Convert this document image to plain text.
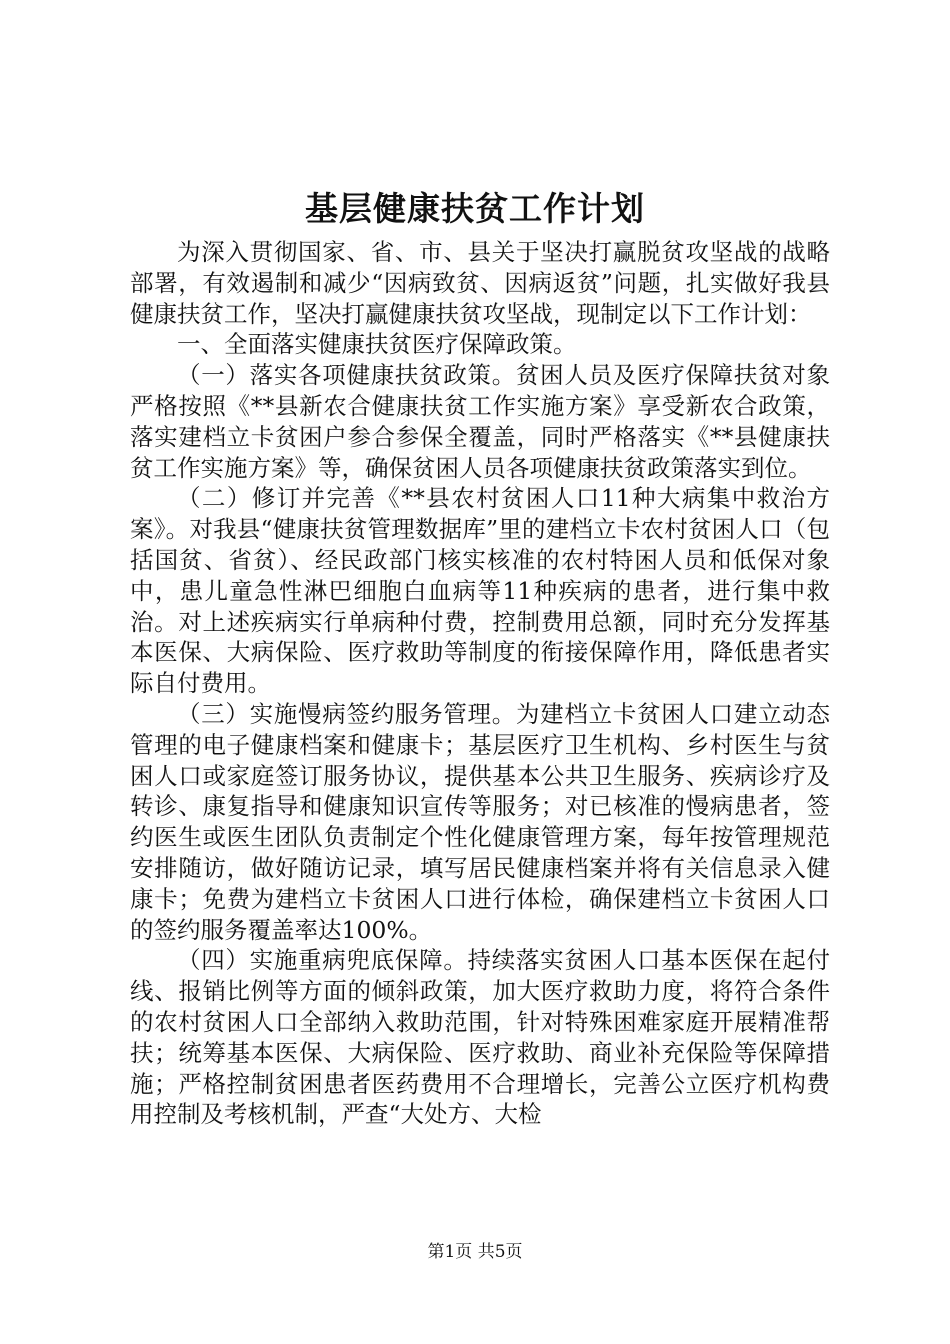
基层健康扶贫工作计划

为深入贯彻国家、省、市、县关于坚决打赢脱贫攻坚战的战略部署，有效遏制和减少“因病致贫、因病返贫”问题，扎实做好我县健康扶贫工作，坚决打赢健康扶贫攻坚战，现制定以下工作计划：

一、全面落实健康扶贫医疗保障政策。

（一）落实各项健康扶贫政策。贫困人员及医疗保障扶贫对象严格按照《**县新农合健康扶贫工作实施方案》享受新农合政策，落实建档立卡贫困户参合参保全覆盖，同时严格落实《**县健康扶贫工作实施方案》等，确保贫困人员各项健康扶贫政策落实到位。

（二）修订并完善《**县农村贫困人口11种大病集中救治方案》。对我县“健康扶贫管理数据库”里的建档立卡农村贫困人口（包括国贫、省贫）、经民政部门核实核准的农村特困人员和低保对象中，患儿童急性淋巴细胞白血病等11种疾病的患者，进行集中救治。对上述疾病实行单病种付费，控制费用总额，同时充分发挥基本医保、大病保险、医疗救助等制度的衔接保障作用，降低患者实际自付费用。

（三）实施慢病签约服务管理。为建档立卡贫困人口建立动态管理的电子健康档案和健康卡；基层医疗卫生机构、乡村医生与贫困人口或家庭签订服务协议，提供基本公共卫生服务、疾病诊疗及转诊、康复指导和健康知识宣传等服务；对已核准的慢病患者，签约医生或医生团队负责制定个性化健康管理方案，每年按管理规范安排随访，做好随访记录，填写居民健康档案并将有关信息录入健康卡；免费为建档立卡贫困人口进行体检，确保建档立卡贫困人口的签约服务覆盖率达100%。

（四）实施重病兜底保障。持续落实贫困人口基本医保在起付线、报销比例等方面的倾斜政策，加大医疗救助力度，将符合条件的农村贫困人口全部纳入救助范围，针对特殊困难家庭开展精准帮扶；统筹基本医保、大病保险、医疗救助、商业补充保险等保障措施；严格控制贫困患者医药费用不合理增长，完善公立医疗机构费用控制及考核机制，严查“大处方、大检

第1页 共5页
